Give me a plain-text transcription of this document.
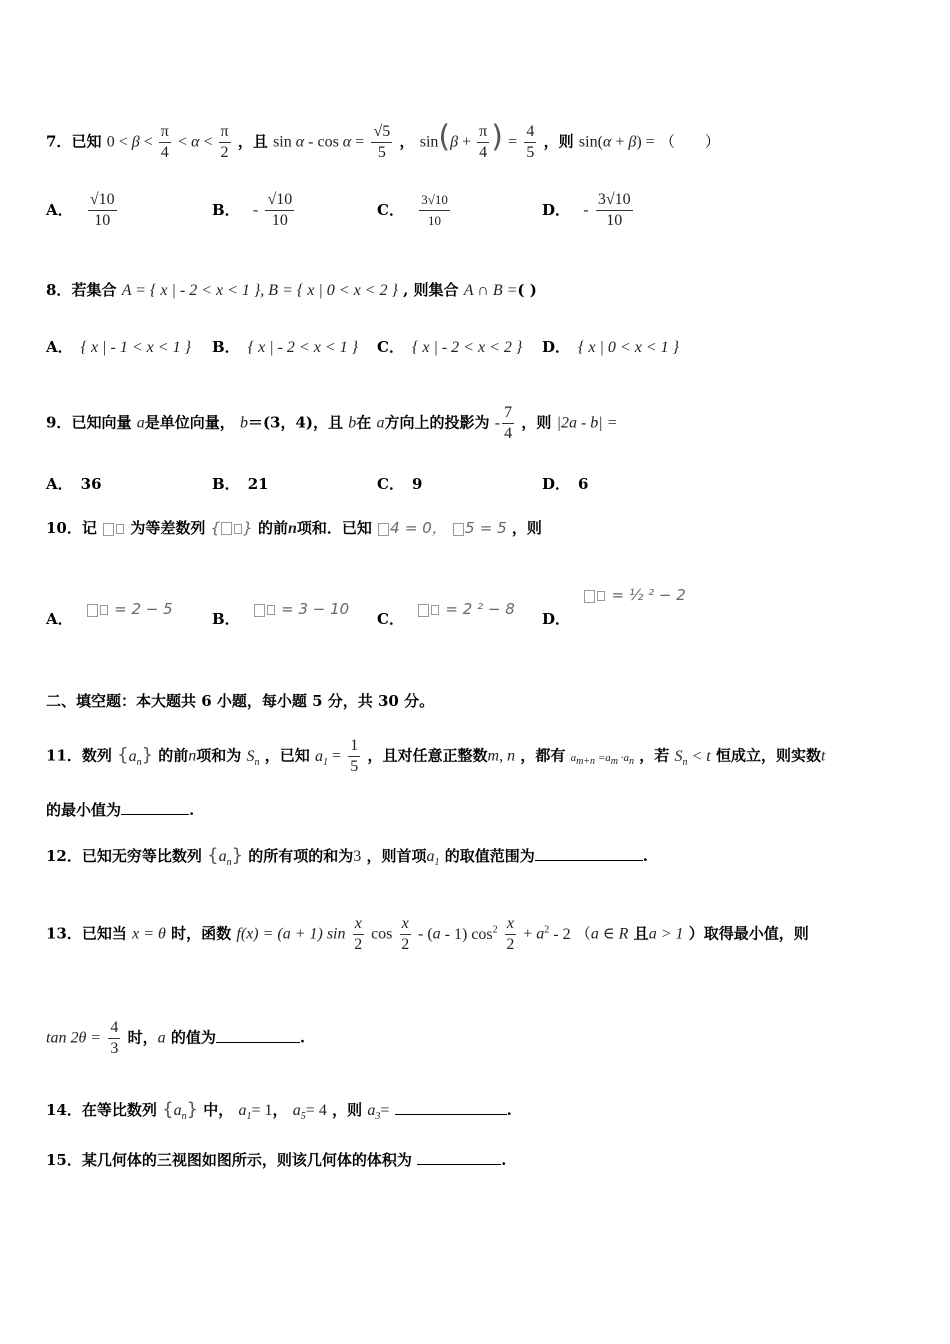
7．已知 $0 < \beta < \frac{\pi}{4} < \alpha < \frac{\pi}{2}$ ，且 $\sin \alpha - \cos \alpha = \frac{√5}{5}$ ， $\sin(\beta + \frac{\pi}{4}$ ) = $\frac{4}{5}$ ，则 sin(α + β) = （　　）
A． $\frac{√10}{10}$	B． - $\frac{√10}{10}$	C． $\frac{3√10}{10}$	D． - $\frac{3√10}{10}$
8．若集合 A = { x | - 2 < x < 1 }, B = { x | 0 < x < 2 } , 则集合 A ∩ B =( )
A． { x | - 1 < x < 1 } B． { x | - 2 < x < 1 } C． { x | - 2 < x < 2 } D． { x | 0 < x < 1 }
9．已知向量 a是单位向量， b＝(3，4)，且 b在 a方向上的投影为 - $\frac{7}{4}$ ，则 |2a - b| =
A． 36	B． 21	C． 9	D． 6
10．记 为等差数列 { } 的前n项和．已知 4 = 0， 5 = 5 ，则
A．  = 2 − 5
B．  = 3 − 10
C．  = 2 ² − 8
D．  = ½ ² − 2
二、填空题：本大题共 6 小题，每小题 5 分，共 30 分。
11．数列 $\{a_n\}$ 的前n项和为 $S_n$ ，已知 $a_1 = \frac{1}{5}$ ，且对任意正整数m, n ，都有 am+n =am ·an ，若 $S_n < t$ 恒成立，则实数t
的最小值为	.
12．已知无穷等比数列 $\{a_n\}$ 的所有项的和为3 ，则首项$a_1$ 的取值范围为	.
13．已知当 x = θ 时，函数 f(x) = (a + 1) $\sin \frac{x}{2}$ $\cos \frac{x}{2} - (a - 1)$ $\cos^2 \frac{x}{2} + a^2 - 2$ （a ∈ R 且a > 1 ）取得最小值，则
$\tan 2\theta = \frac{4}{3}$ 时，a 的值为	.
14．在等比数列 $\{a_n\}$ 中， $a_1= 1$， $a_5= 4$ ，则 $a_3=$	.
15．某几何体的三视图如图所示，则该几何体的体积为	.
